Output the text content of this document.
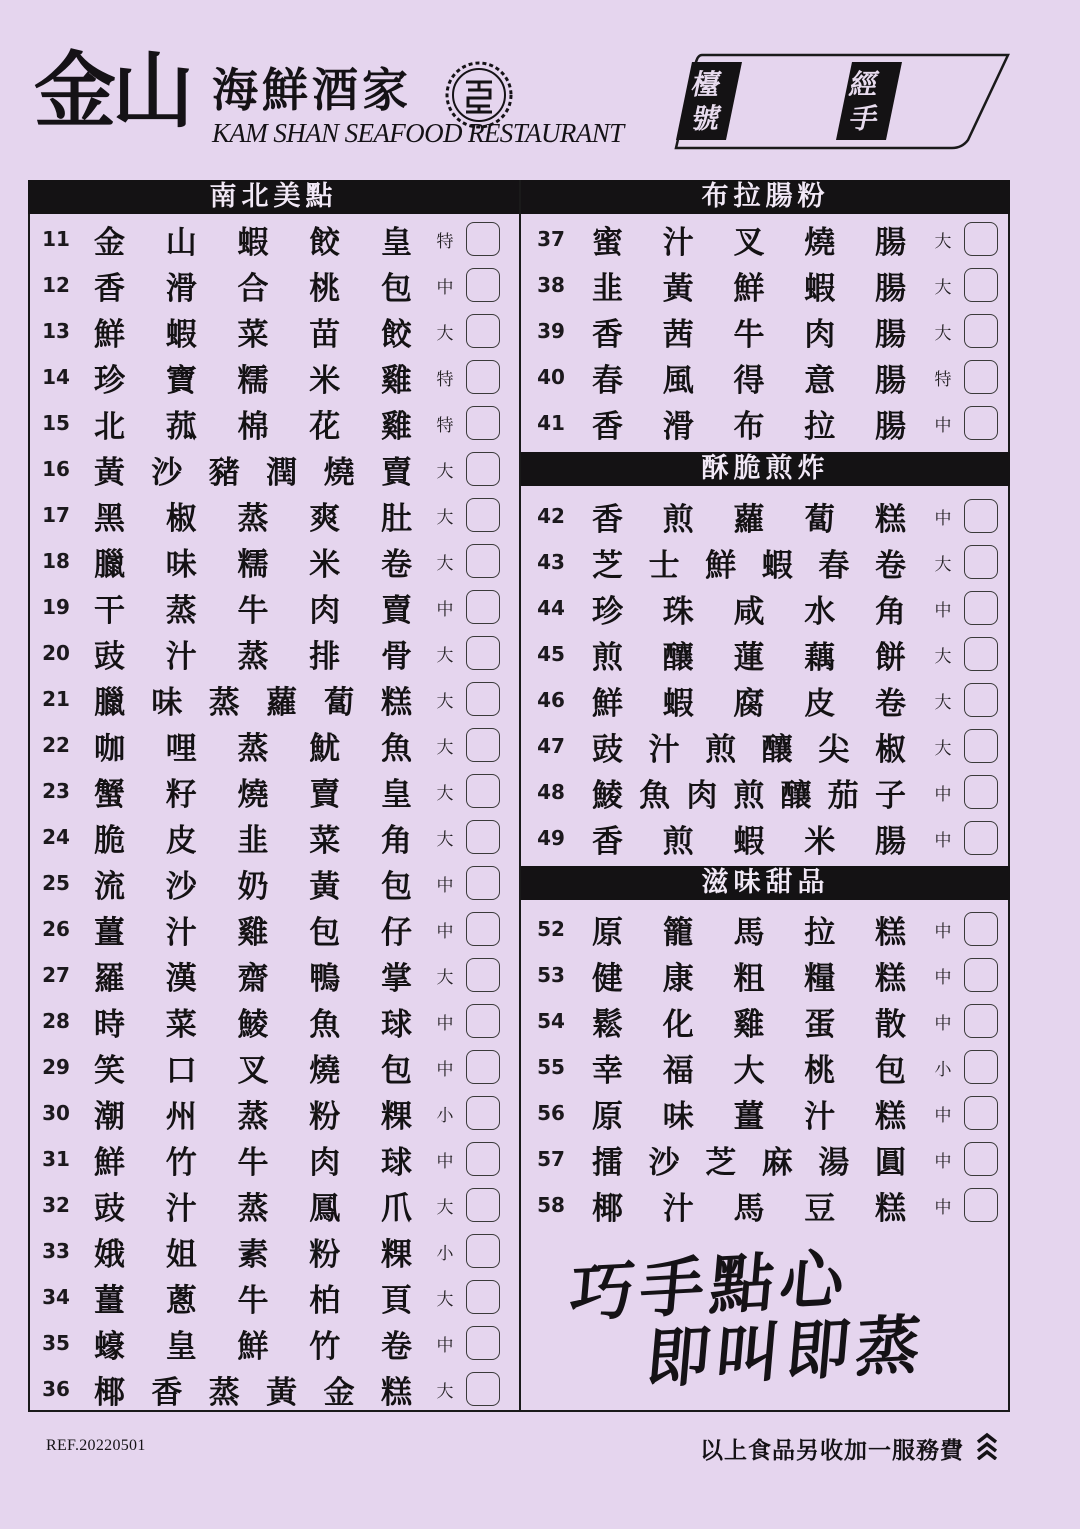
金山 海鮮酒家
KAM SHAN SEAFOOD RESTAURANT
檯
號
經
手
南北美點
11 金 山 蝦 餃 皇	特
12 香 滑 合 桃 包	中
13 鮮 蝦 菜 苗 餃	大
14 珍 寶 糯 米 雞	特
15 北 菰 棉 花 雞	特
16 黃 沙 豬 潤 燒 賣	大
17 黑 椒 蒸 爽 肚	大
18 臘 味 糯 米 卷	大
19 干 蒸 牛 肉 賣	中
20 豉 汁 蒸 排 骨	大
21 臘 味 蒸 蘿 蔔 糕	大
22 咖 哩 蒸 魷 魚	大
23 蟹 籽 燒 賣 皇	大
24 脆 皮 韭 菜 角	大
25 流 沙 奶 黃 包	中
26 薑 汁 雞 包 仔	中
27 羅 漢 齋 鴨 掌	大
28 時 菜 鯪 魚 球	中
29 笑 口 叉 燒 包	中
30 潮 州 蒸 粉 粿	小
31 鮮 竹 牛 肉 球	中
32 豉 汁 蒸 鳳 爪	大
33 娥 姐 素 粉 粿	小
34 薑 蔥 牛 柏 頁	大
35 蠔 皇 鮮 竹 卷	中
36 椰 香 蒸 黃 金 糕	大
布拉腸粉
37 蜜 汁 叉 燒 腸	大
38 韭 黃 鮮 蝦 腸	大
39 香 茜 牛 肉 腸	大
40 春 風 得 意 腸	特
41 香 滑 布 拉 腸	中
酥脆煎炸
42 香 煎 蘿 蔔 糕	中
43 芝 士 鮮 蝦 春 卷	大
44 珍 珠 咸 水 角	中
45 煎 釀 蓮 藕 餅	大
46 鮮 蝦 腐 皮 卷	大
47 豉 汁 煎 釀 尖 椒	大
48 鯪 魚 肉 煎 釀 茄 子	中
49 香 煎 蝦 米 腸	中
滋味甜品
52 原 籠 馬 拉 糕	中
53 健 康 粗 糧 糕	中
54 鬆 化 雞 蛋 散	中
55 幸 福 大 桃 包	小
56 原 味 薑 汁 糕	中
57 擂 沙 芝 麻 湯 圓	中
58 椰 汁 馬 豆 糕	中
巧手點心
即叫即蒸
REF.20220501	以上食品另收加一服務費
